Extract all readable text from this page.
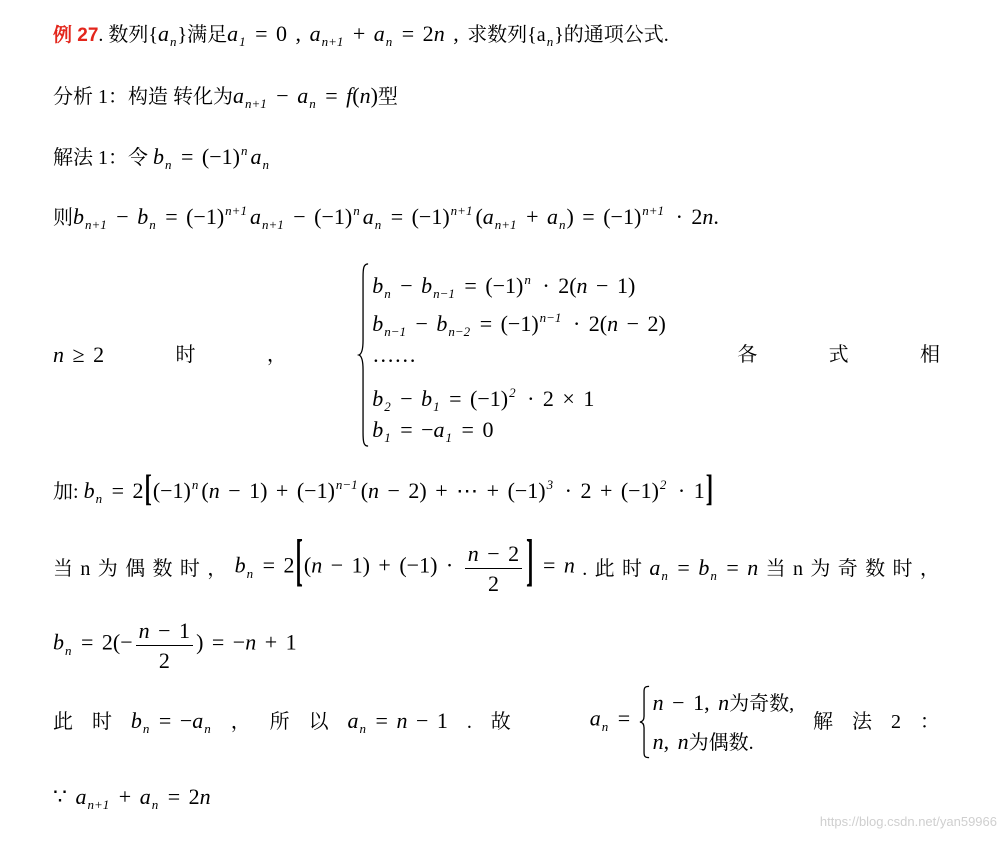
https://blog.csdn.net/yan59966
例 27. 数列$\{a_n\}$满足$a_1 = 0$ , $a_{n+1} + a_n = 2n$ , 求数列$\{a_n\}$的通项公式.
分析 1：构造 转化为$a_{n+1} - a_n = f(n)$型
解法 1：令 $b_n = (-1)^n$ $a_n$
则$b_{n+1} - b_n = (-1)^{n+1}$ $a_{n+1} - (-1)^n$ $a_n = (-1)^{n+1}$ $(a_{n+1} + a_n) = (-1)^{n+1} \cdot 2n$.
n ≥ 2	时	，
$b_n - b_{n-1} = (-1)^n \cdot 2(n - 1)$
$b_{n-1} - b_{n-2} = (-1)^{n-1} \cdot 2(n - 2)$
……
$b_2 - b_1 = (-1)^2 \cdot 2 \times 1$
$b_1 = -a_1 = 0$
各	式	相
加: $b_n = 2[(-1)^n$ $(n - 1) + (-1)^{n-1}$ (n − 2) + ⋯ + $(-1)^3 \cdot 2 + (-1)^2 \cdot 1$]
当 n 为 偶 数 时 ， $b_n = 2[(n - 1) + (-1) \cdot \frac{n - 2}{2}$ ] = n . 此 时 $a_n = b_n = n$ 当 n 为 奇 数 时 ，
$b_n = 2(- \frac{n - 1}{2}$ ) = −n + 1
此 时 $b_n = -a_n$ ， 所 以 $a_n = n - 1$ . 故	$a_n$ =
n − 1, n为奇数,
n, n为偶数.
解 法 2 ：
∵ $a_{n+1} + a_n = 2n$
